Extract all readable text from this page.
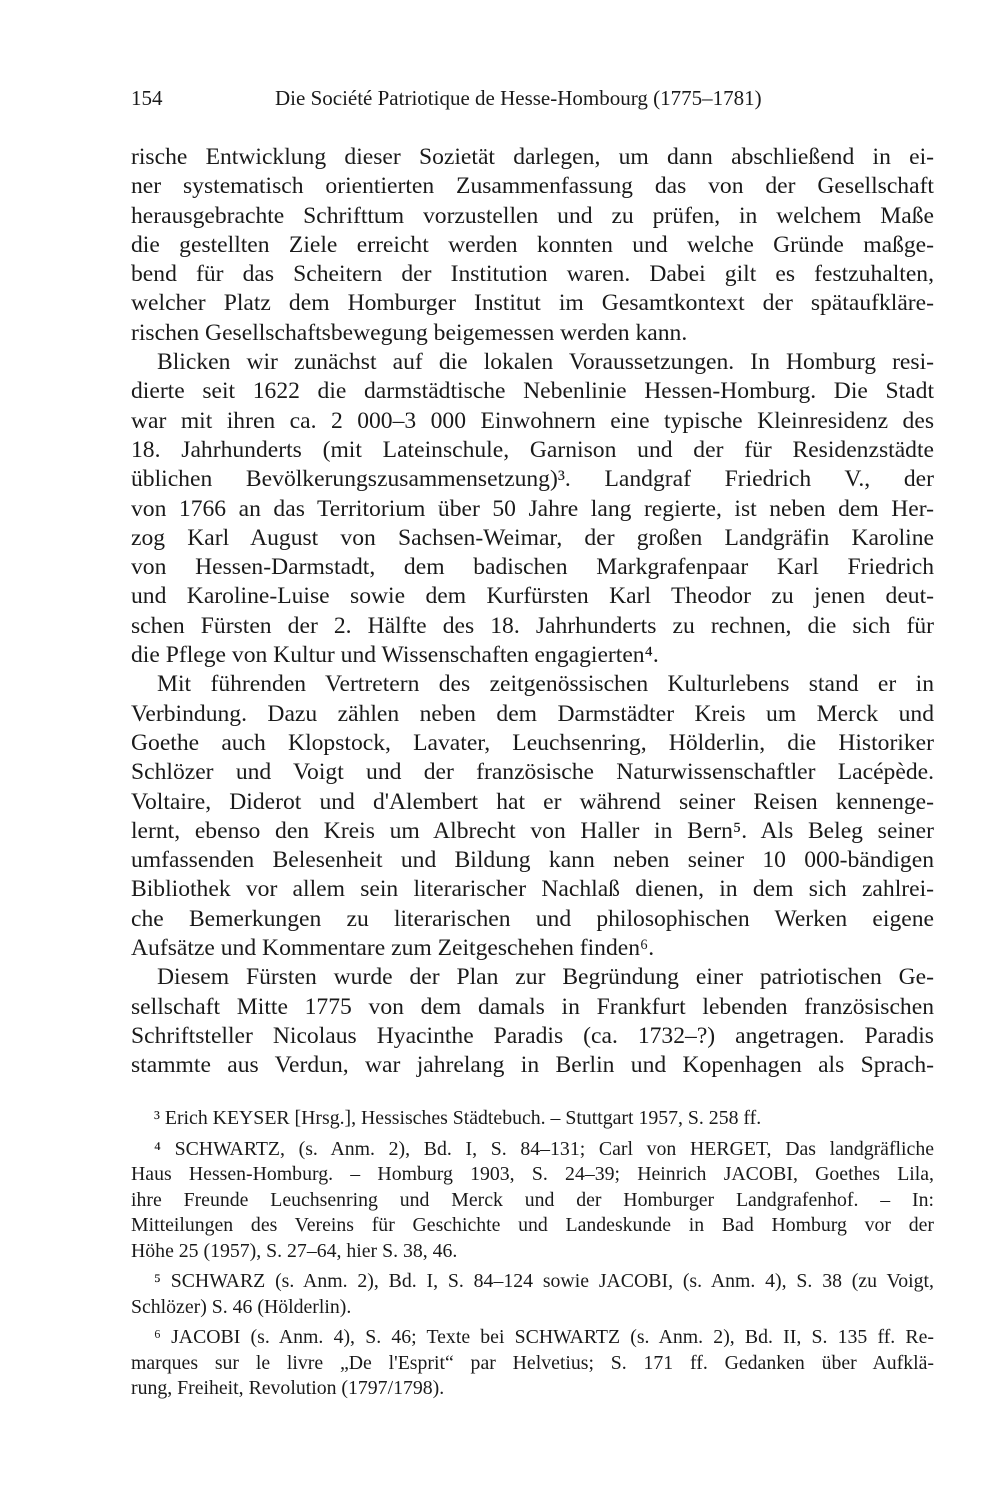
154	Die Société Patriotique de Hesse-Hombourg (1775–1781)
rische Entwicklung dieser Sozietät darlegen, um dann abschließend in ei-
ner systematisch orientierten Zusammenfassung das von der Gesellschaft
herausgebrachte Schrifttum vorzustellen und zu prüfen, in welchem Maße
die gestellten Ziele erreicht werden konnten und welche Gründe maßge-
bend für das Scheitern der Institution waren. Dabei gilt es festzuhalten,
welcher Platz dem Homburger Institut im Gesamtkontext der spätaufkläre-
rischen Gesellschaftsbewegung beigemessen werden kann.
Blicken wir zunächst auf die lokalen Voraussetzungen. In Homburg resi-
dierte seit 1622 die darmstädtische Nebenlinie Hessen-Homburg. Die Stadt
war mit ihren ca. 2 000–3 000 Einwohnern eine typische Kleinresidenz des
18. Jahrhunderts (mit Lateinschule, Garnison und der für Residenzstädte
üblichen Bevölkerungszusammensetzung)³. Landgraf Friedrich V., der
von 1766 an das Territorium über 50 Jahre lang regierte, ist neben dem Her-
zog Karl August von Sachsen-Weimar, der großen Landgräfin Karoline
von Hessen-Darmstadt, dem badischen Markgrafenpaar Karl Friedrich
und Karoline-Luise sowie dem Kurfürsten Karl Theodor zu jenen deut-
schen Fürsten der 2. Hälfte des 18. Jahrhunderts zu rechnen, die sich für
die Pflege von Kultur und Wissenschaften engagierten⁴.
Mit führenden Vertretern des zeitgenössischen Kulturlebens stand er in
Verbindung. Dazu zählen neben dem Darmstädter Kreis um Merck und
Goethe auch Klopstock, Lavater, Leuchsenring, Hölderlin, die Historiker
Schlözer und Voigt und der französische Naturwissenschaftler Lacépède.
Voltaire, Diderot und d'Alembert hat er während seiner Reisen kennenge-
lernt, ebenso den Kreis um Albrecht von Haller in Bern⁵. Als Beleg seiner
umfassenden Belesenheit und Bildung kann neben seiner 10 000-bändigen
Bibliothek vor allem sein literarischer Nachlaß dienen, in dem sich zahlrei-
che Bemerkungen zu literarischen und philosophischen Werken eigene
Aufsätze und Kommentare zum Zeitgeschehen finden⁶.
Diesem Fürsten wurde der Plan zur Begründung einer patriotischen Ge-
sellschaft Mitte 1775 von dem damals in Frankfurt lebenden französischen
Schriftsteller Nicolaus Hyacinthe Paradis (ca. 1732–?) angetragen. Paradis
stammte aus Verdun, war jahrelang in Berlin und Kopenhagen als Sprach-
³ Erich KEYSER [Hrsg.], Hessisches Städtebuch. – Stuttgart 1957, S. 258 ff.
⁴ SCHWARTZ, (s. Anm. 2), Bd. I, S. 84–131; Carl von HERGET, Das landgräfliche
Haus Hessen-Homburg. – Homburg 1903, S. 24–39; Heinrich JACOBI, Goethes Lila,
ihre Freunde Leuchsenring und Merck und der Homburger Landgrafenhof. – In:
Mitteilungen des Vereins für Geschichte und Landeskunde in Bad Homburg vor der
Höhe 25 (1957), S. 27–64, hier S. 38, 46.
⁵ SCHWARZ (s. Anm. 2), Bd. I, S. 84–124 sowie JACOBI, (s. Anm. 4), S. 38 (zu Voigt,
Schlözer) S. 46 (Hölderlin).
⁶ JACOBI (s. Anm. 4), S. 46; Texte bei SCHWARTZ (s. Anm. 2), Bd. II, S. 135 ff. Re-
marques sur le livre „De l'Esprit“ par Helvetius; S. 171 ff. Gedanken über Aufklä-
rung, Freiheit, Revolution (1797/1798).
